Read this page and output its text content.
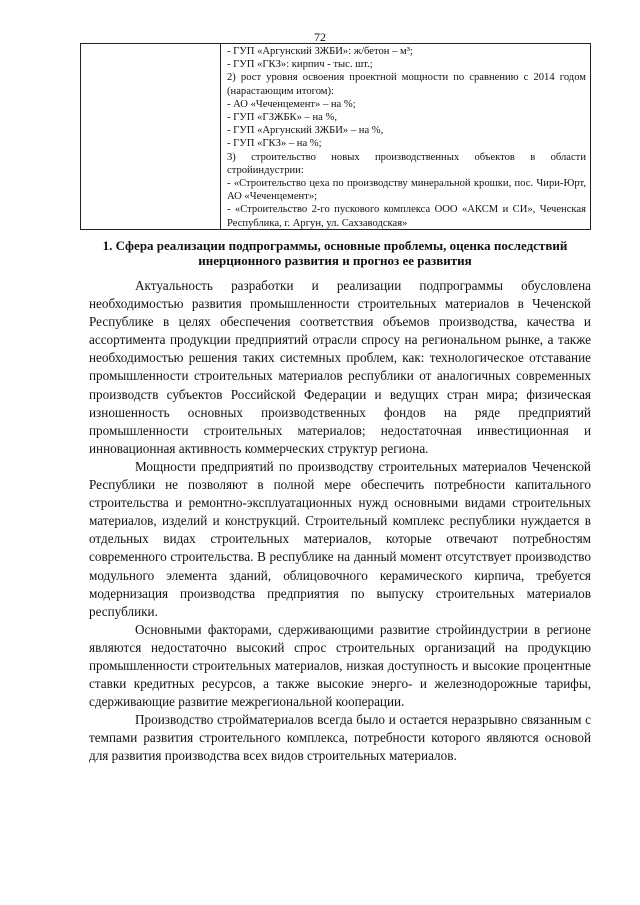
72
- ГУП «Аргунский ЗЖБИ»: ж/бетон – м³;
- ГУП «ГКЗ»: кирпич - тыс. шт.;
2) рост уровня освоения проектной мощности по сравнению с 2014 годом (нарастающим итогом):
- АО «Чеченцемент» – на %;
- ГУП «ГЗЖБК» – на %,
- ГУП «Аргунский ЗЖБИ» – на %,
- ГУП «ГКЗ» – на %;
3) строительство новых производственных объектов в области стройиндустрии:
- «Строительство цеха по производству минеральной крошки, пос. Чири-Юрт, АО «Чеченцемент»;
- «Строительство 2-го пускового комплекса ООО «АКСМ и СИ», Чеченская Республика, г. Аргун, ул. Сахзаводская»
1. Сфера реализации подпрограммы, основные проблемы, оценка последствий инерционного развития и прогноз ее развития

Актуальность разработки и реализации подпрограммы обусловлена необходимостью развития промышленности строительных материалов в Чеченской Республике в целях обеспечения соответствия объемов производства, качества и ассортимента продукции предприятий отрасли спросу на региональном рынке, а также необходимостью решения таких системных проблем, как: технологическое отставание промышленности строительных материалов республики от аналогичных современных производств субъектов Российской Федерации и ведущих стран мира; физическая изношенность основных производственных фондов на ряде предприятий промышленности строительных материалов; недостаточная инвестиционная и инновационная активность коммерческих структур региона.

Мощности предприятий по производству строительных материалов Чеченской Республики не позволяют в полной мере обеспечить потребности капитального строительства и ремонтно-эксплуатационных нужд основными видами строительных материалов, изделий и конструкций. Строительный комплекс республики нуждается в отдельных видах строительных материалов, которые отвечают потребностям современного строительства. В республике на данный момент отсутствует производство модульного элемента зданий, облицовочного керамического кирпича, требуется модернизация производства предприятия по выпуску строительных материалов республики.

Основными факторами, сдерживающими развитие стройиндустрии в регионе являются недостаточно высокий спрос строительных организаций на продукцию промышленности строительных материалов, низкая доступность и высокие процентные ставки кредитных ресурсов, а также высокие энерго- и железнодорожные тарифы, сдерживающие развитие межрегиональной кооперации.

Производство стройматериалов всегда было и остается неразрывно связанным с темпами развития строительного комплекса, потребности которого являются основой для развития производства всех видов строительных материалов.
